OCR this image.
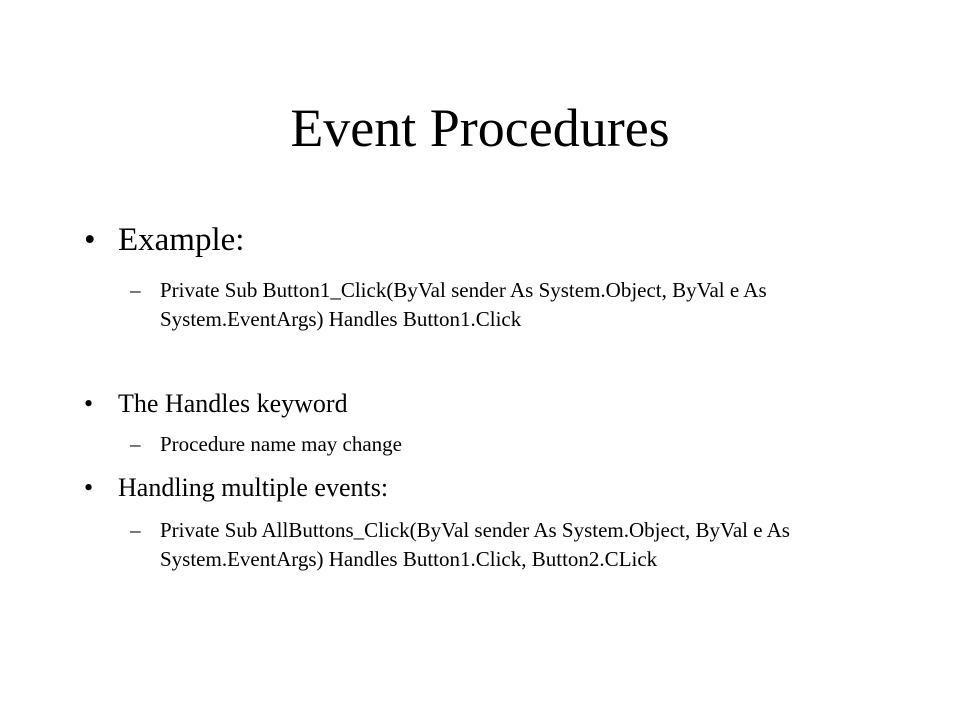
Event Procedures
• Example:
– Private Sub Button1_Click(ByVal sender As System.Object, ByVal e As System.EventArgs) Handles Button1.Click
• The Handles keyword
– Procedure name may change
• Handling multiple events:
– Private Sub AllButtons_Click(ByVal sender As System.Object, ByVal e As System.EventArgs) Handles Button1.Click, Button2.CLick
